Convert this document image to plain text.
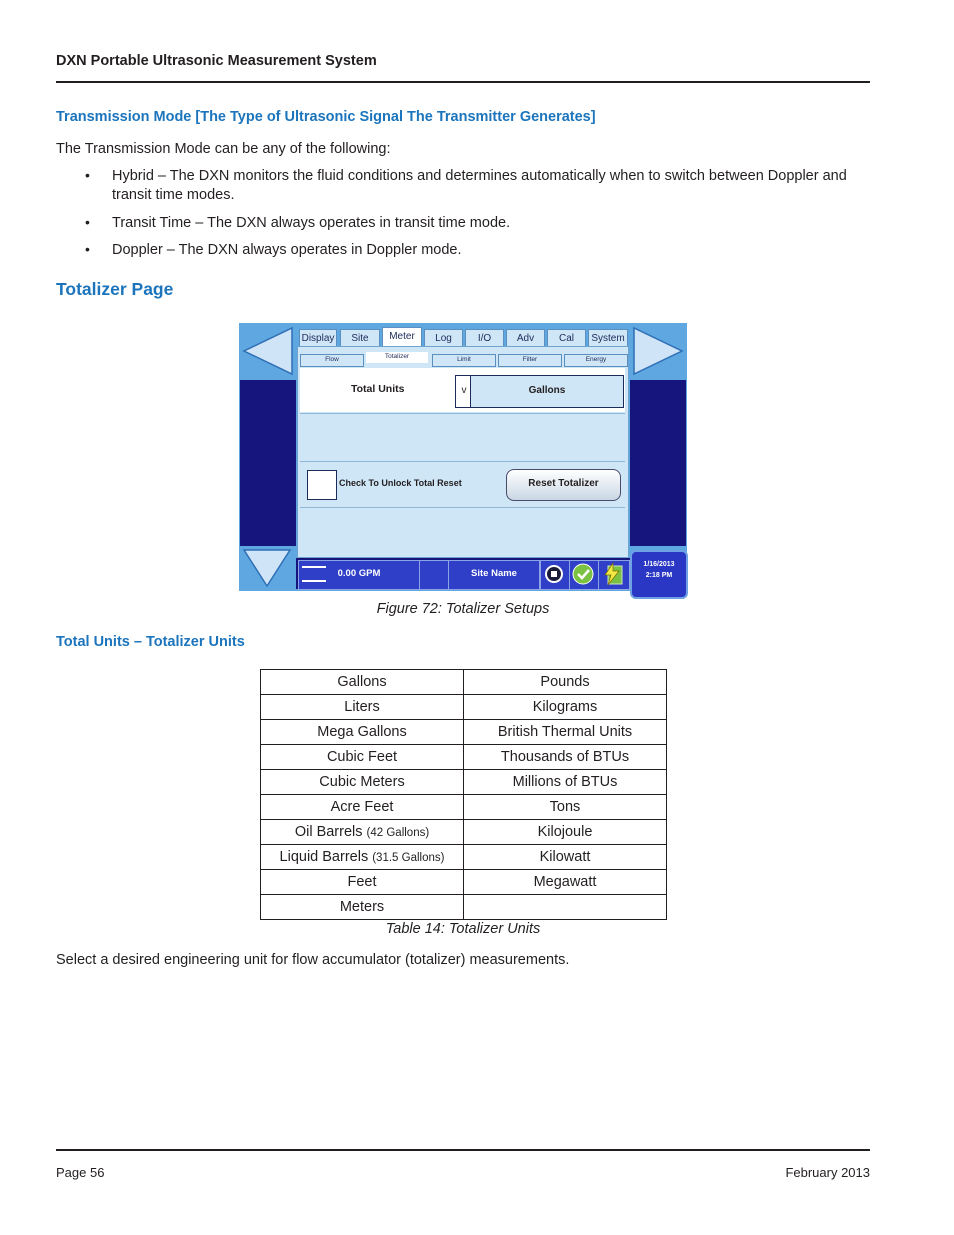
DXN Portable Ultrasonic Measurement System
Transmission Mode [The Type of Ultrasonic Signal The Transmitter Generates]
The Transmission Mode can be any of the following:
• Hybrid – The DXN monitors the fluid conditions and determines automatically when to switch between Doppler and transit time modes.
• Transit Time – The DXN always operates in transit time mode.
• Doppler – The DXN always operates in Doppler mode.
Totalizer Page
Display	Site	Meter	Log	I/O	Adv	Cal	System
Flow	Totalizer	Limit	Filter	Energy
Total Units	v	Gallons
Check To Unlock Total Reset	Reset Totalizer
0.00 GPM	Site Name
1/16/2013
2:18 PM
Figure 72: Totalizer Setups
Total Units – Totalizer Units
Gallons	Pounds
Liters	Kilograms
Mega Gallons	British Thermal Units
Cubic Feet	Thousands of BTUs
Cubic Meters	Millions of BTUs
Acre Feet	Tons
Oil Barrels (42 Gallons)	Kilojoule
Liquid Barrels (31.5 Gallons)	Kilowatt
Feet	Megawatt
Meters	
Table 14: Totalizer Units
Select a desired engineering unit for flow accumulator (totalizer) measurements.
Page 56	February 2013
